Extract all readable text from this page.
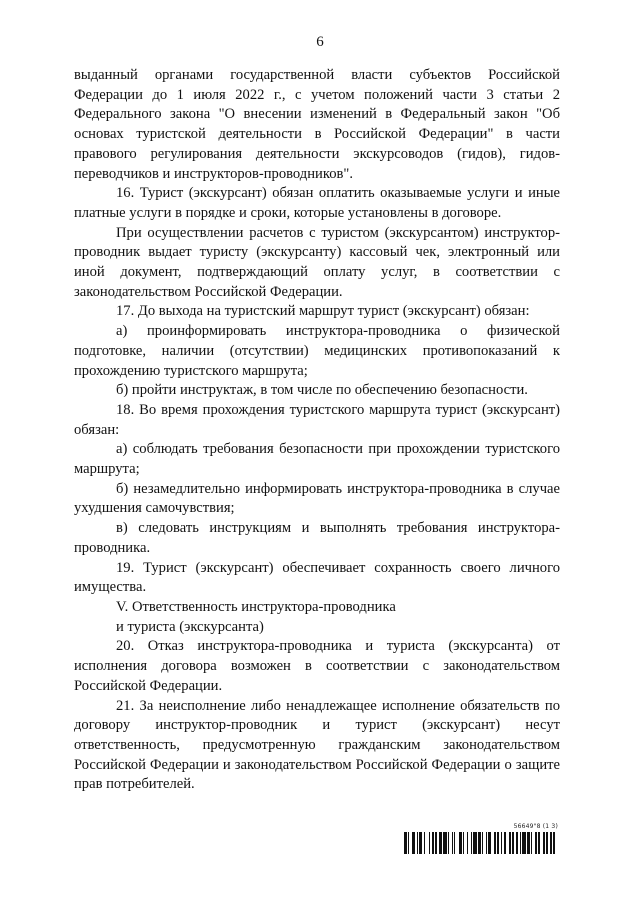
6

выданный органами государственной власти субъектов Российской Федерации до 1 июля 2022 г., с учетом положений части 3 статьи 2 Федерального закона "О внесении изменений в Федеральный закон "Об основах туристской деятельности в Российской Федерации" в части правового регулирования деятельности экскурсоводов (гидов), гидов-переводчиков и инструкторов-проводников".

16. Турист (экскурсант) обязан оплатить оказываемые услуги и иные платные услуги в порядке и сроки, которые установлены в договоре.

При осуществлении расчетов с туристом (экскурсантом) инструктор-проводник выдает туристу (экскурсанту) кассовый чек, электронный или иной документ, подтверждающий оплату услуг, в соответствии с законодательством Российской Федерации.

17. До выхода на туристский маршрут турист (экскурсант) обязан:

а) проинформировать инструктора-проводника о физической подготовке, наличии (отсутствии) медицинских противопоказаний к прохождению туристского маршрута;

б) пройти инструктаж, в том числе по обеспечению безопасности.

18. Во время прохождения туристского маршрута турист (экскурсант) обязан:

а) соблюдать требования безопасности при прохождении туристского маршрута;

б) незамедлительно информировать инструктора-проводника в случае ухудшения самочувствия;

в) следовать инструкциям и выполнять требования инструктора-проводника.

19. Турист (экскурсант) обеспечивает сохранность своего личного имущества.

V. Ответственность инструктора-проводника
и туриста (экскурсанта)

20. Отказ инструктора-проводника и туриста (экскурсанта) от исполнения договора возможен в соответствии с законодательством Российской Федерации.

21. За неисполнение либо ненадлежащее исполнение обязательств по договору инструктор-проводник и турист (экскурсант) несут ответственность, предусмотренную гражданским законодательством Российской Федерации и законодательством Российской Федерации о защите прав потребителей.

56649"8 (1 3)
